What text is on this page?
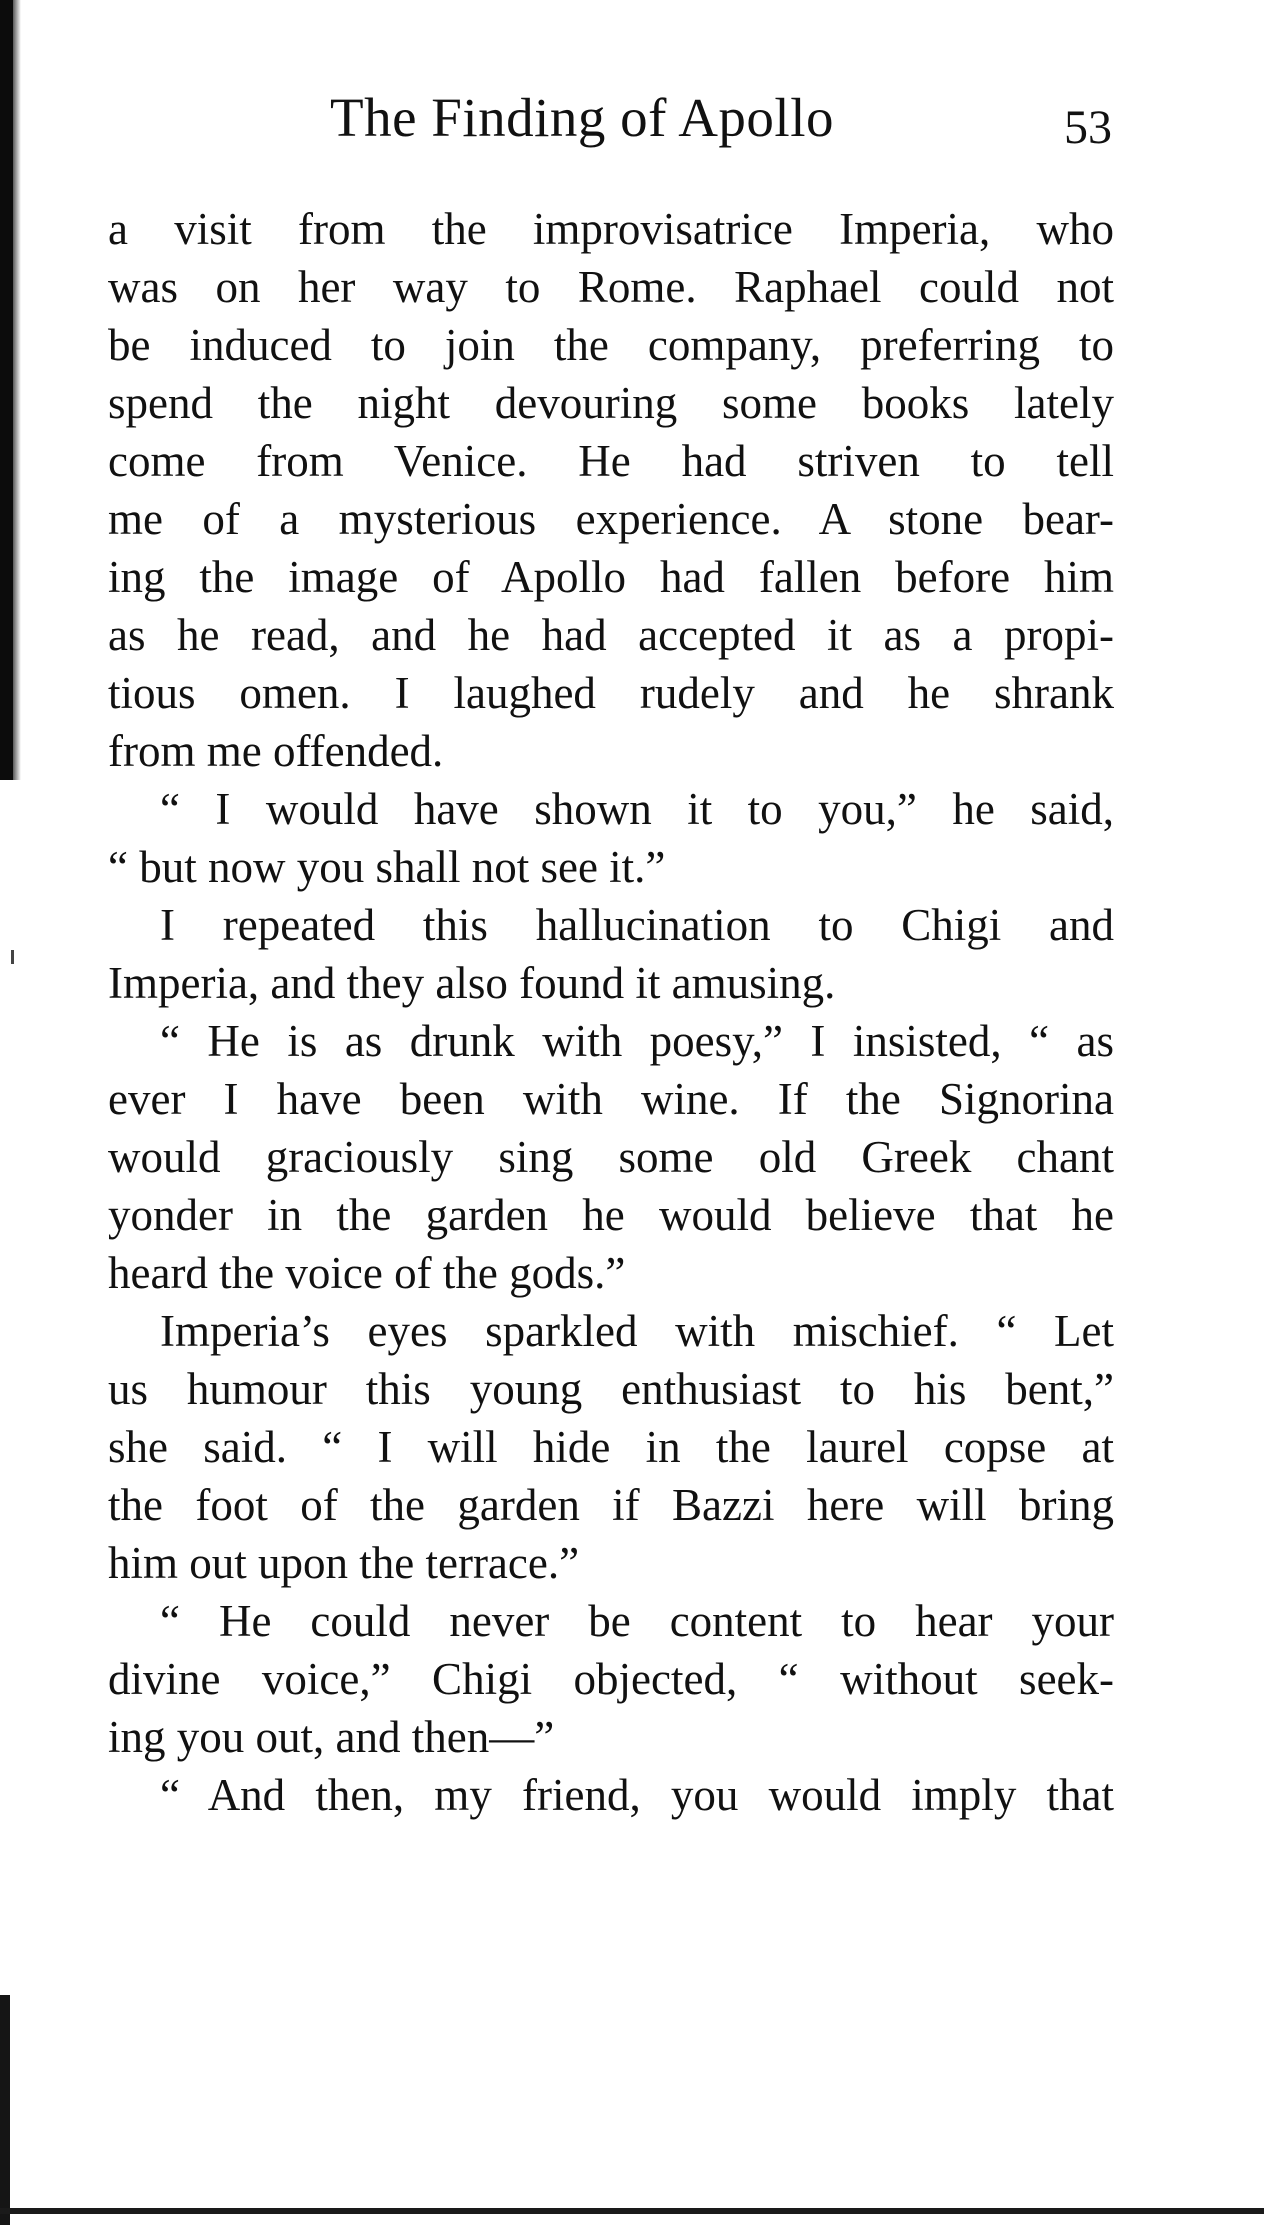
The Finding of Apollo	53
a visit from the improvisatrice Imperia, who
was on her way to Rome. Raphael could not
be induced to join the company, preferring to
spend the night devouring some books lately
come from Venice. He had striven to tell
me of a mysterious experience. A stone bear-
ing the image of Apollo had fallen before him
as he read, and he had accepted it as a propi-
tious omen. I laughed rudely and he shrank
from me offended.
“ I would have shown it to you,” he said,
“ but now you shall not see it.”
I repeated this hallucination to Chigi and
Imperia, and they also found it amusing.
“ He is as drunk with poesy,” I insisted, “ as
ever I have been with wine. If the Signorina
would graciously sing some old Greek chant
yonder in the garden he would believe that he
heard the voice of the gods.”
Imperia’s eyes sparkled with mischief. “ Let
us humour this young enthusiast to his bent,”
she said. “ I will hide in the laurel copse at
the foot of the garden if Bazzi here will bring
him out upon the terrace.”
“ He could never be content to hear your
divine voice,” Chigi objected, “ without seek-
ing you out, and then—”
“ And then, my friend, you would imply that
